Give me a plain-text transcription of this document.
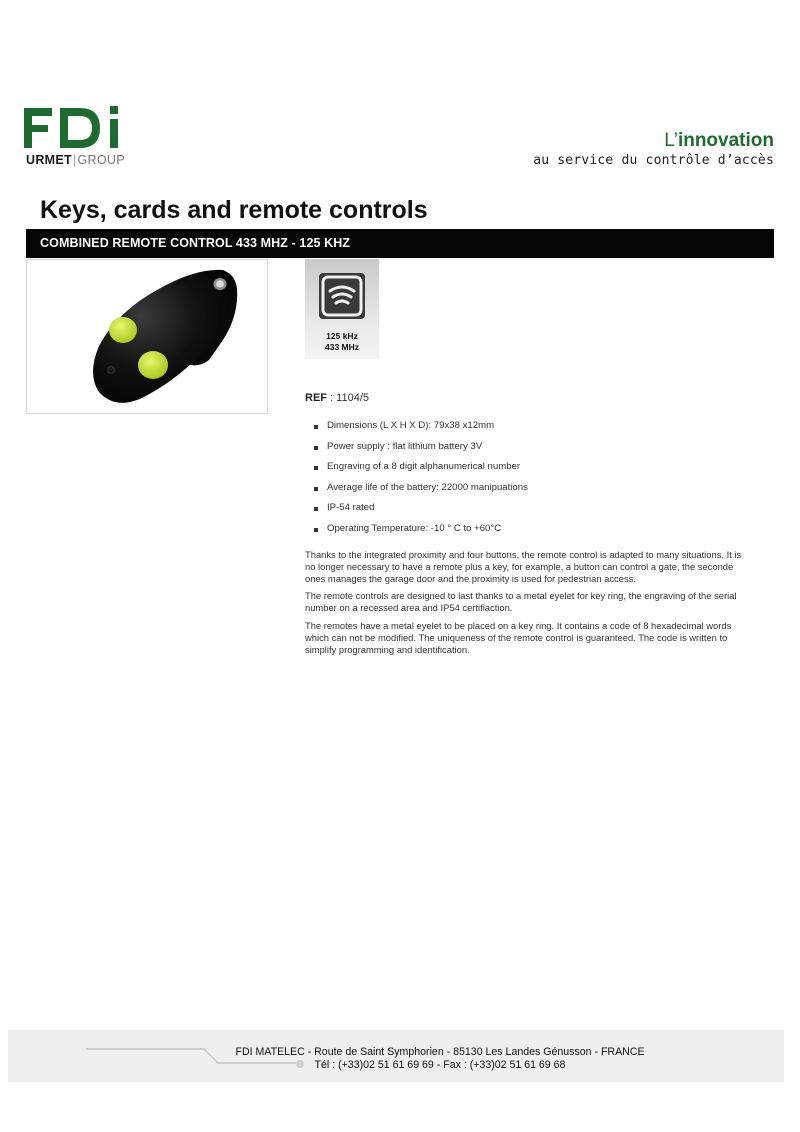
URMET|GROUP
L’innovation
au service du contrôle d’accès
Keys, cards and remote controls
COMBINED REMOTE CONTROL 433 MHZ - 125 KHZ
125 kHz
433 MHz
REF : 1104/5
Dimensions (L X H X D): 79x38 x12mm
Power supply : flat lithium battery 3V
Engraving of a 8 digit alphanumerical number
Average life of the battery: 22000 manipuations
IP-54 rated
Operating Temperature: -10 ° C to +60°C

Thanks to the integrated proximity and four buttons, the remote control is adapted to many situations. It is no longer necessary to have a remote plus a key, for example, a button can control a gate, the seconde ones manages the garage door and the proximity is used for pedestrian access.

The remote controls are designed to last thanks to a metal eyelet for key ring, the engraving of the serial number on a recessed area and IP54 certifiaction.

The remotes have a metal eyelet to be placed on a key ring. It contains a code of 8 hexadecimal words which can not be modified. The uniqueness of the remote control is guaranteed. The code is written to simplify programming and identification.

FDI MATELEC - Route de Saint Symphorien - 85130 Les Landes Génusson - FRANCE
Tél : (+33)02 51 61 69 69 - Fax : (+33)02 51 61 69 68
